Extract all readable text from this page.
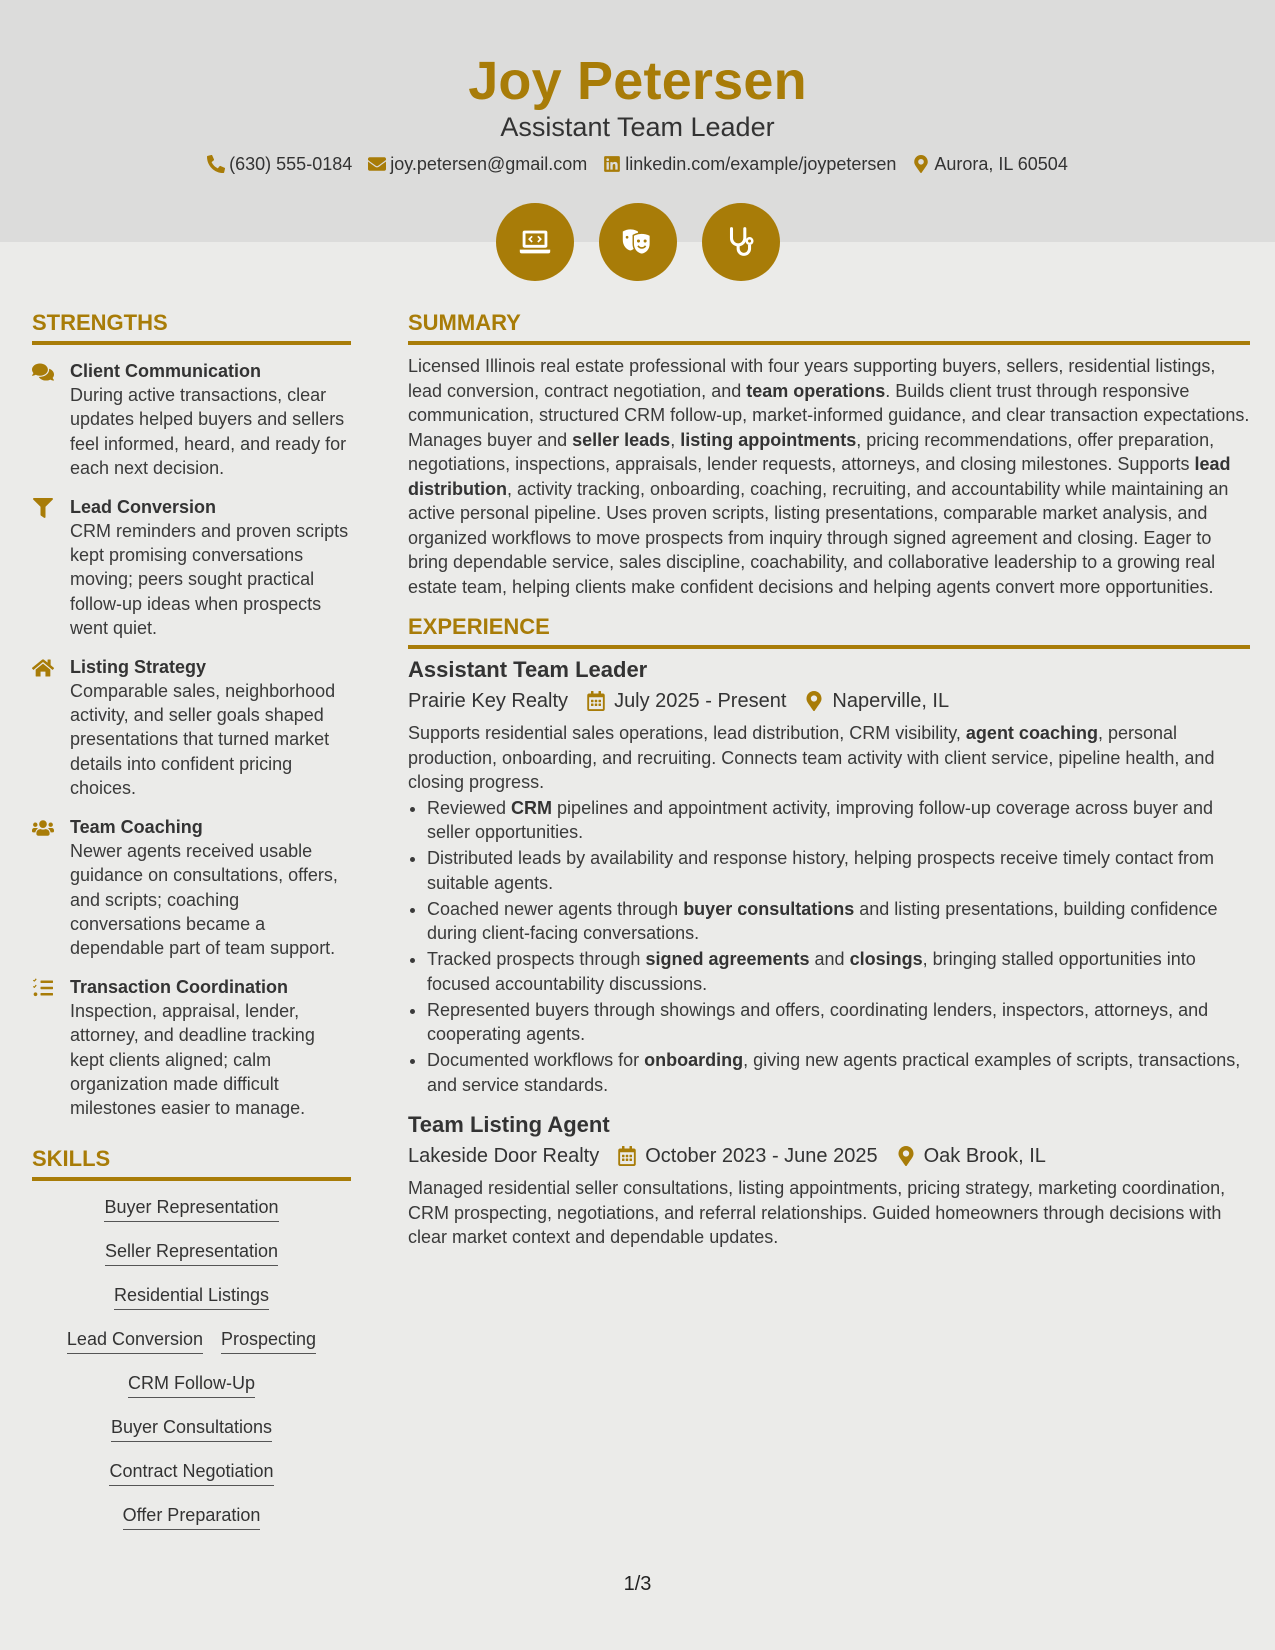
Joy Petersen
Assistant Team Leader
(630) 555-0184 joy.petersen@gmail.com linkedin.com/example/joypetersen Aurora, IL 60504
STRENGTHS
Client Communication
During active transactions, clear updates helped buyers and sellers feel informed, heard, and ready for each next decision.
Lead Conversion
CRM reminders and proven scripts kept promising conversations moving; peers sought practical follow-up ideas when prospects went quiet.
Listing Strategy
Comparable sales, neighborhood activity, and seller goals shaped presentations that turned market details into confident pricing choices.
Team Coaching
Newer agents received usable guidance on consultations, offers, and scripts; coaching conversations became a dependable part of team support.
Transaction Coordination
Inspection, appraisal, lender, attorney, and deadline tracking kept clients aligned; calm organization made difficult milestones easier to manage.
SKILLS
Buyer Representation
Seller Representation
Residential Listings
Lead Conversion Prospecting
CRM Follow-Up
Buyer Consultations
Contract Negotiation
Offer Preparation
SUMMARY
Licensed Illinois real estate professional with four years supporting buyers, sellers, residential listings, lead conversion, contract negotiation, and team operations. Builds client trust through responsive communication, structured CRM follow-up, market-informed guidance, and clear transaction expectations. Manages buyer and seller leads, listing appointments, pricing recommendations, offer preparation, negotiations, inspections, appraisals, lender requests, attorneys, and closing milestones. Supports lead distribution, activity tracking, onboarding, coaching, recruiting, and accountability while maintaining an active personal pipeline. Uses proven scripts, listing presentations, comparable market analysis, and organized workflows to move prospects from inquiry through signed agreement and closing. Eager to bring dependable service, sales discipline, coachability, and collaborative leadership to a growing real estate team, helping clients make confident decisions and helping agents convert more opportunities.
EXPERIENCE
Assistant Team Leader
Prairie Key Realty July 2025 - Present Naperville, IL
Supports residential sales operations, lead distribution, CRM visibility, agent coaching, personal production, onboarding, and recruiting. Connects team activity with client service, pipeline health, and closing progress.
• Reviewed CRM pipelines and appointment activity, improving follow-up coverage across buyer and seller opportunities.
• Distributed leads by availability and response history, helping prospects receive timely contact from suitable agents.
• Coached newer agents through buyer consultations and listing presentations, building confidence during client-facing conversations.
• Tracked prospects through signed agreements and closings, bringing stalled opportunities into focused accountability discussions.
• Represented buyers through showings and offers, coordinating lenders, inspectors, attorneys, and cooperating agents.
• Documented workflows for onboarding, giving new agents practical examples of scripts, transactions, and service standards.
Team Listing Agent
Lakeside Door Realty October 2023 - June 2025 Oak Brook, IL
Managed residential seller consultations, listing appointments, pricing strategy, marketing coordination, CRM prospecting, negotiations, and referral relationships. Guided homeowners through decisions with clear market context and dependable updates.
1/3
